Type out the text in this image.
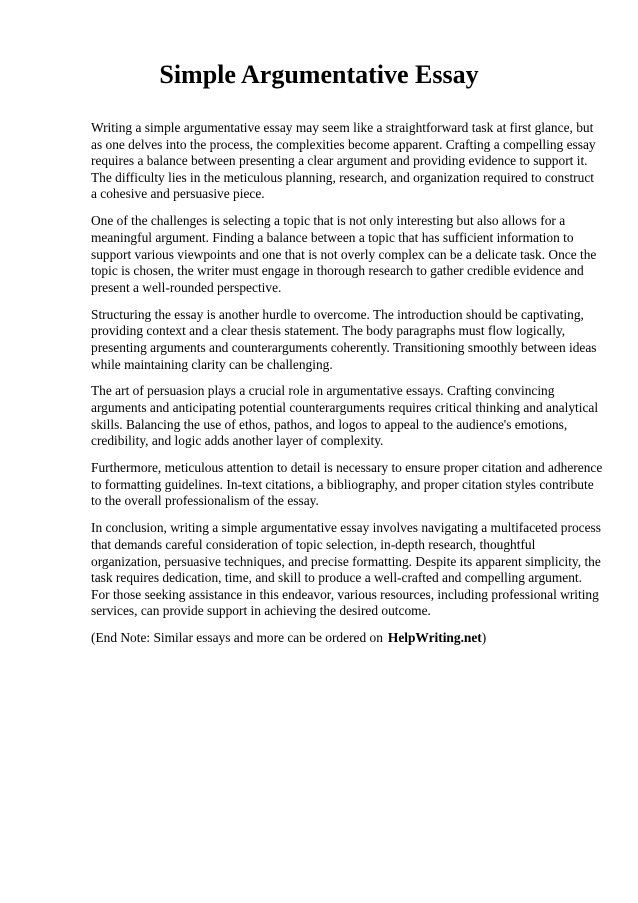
Simple Argumentative Essay

Writing a simple argumentative essay may seem like a straightforward task at first glance, but as one delves into the process, the complexities become apparent. Crafting a compelling essay requires a balance between presenting a clear argument and providing evidence to support it. The difficulty lies in the meticulous planning, research, and organization required to construct a cohesive and persuasive piece.

One of the challenges is selecting a topic that is not only interesting but also allows for a meaningful argument. Finding a balance between a topic that has sufficient information to support various viewpoints and one that is not overly complex can be a delicate task. Once the topic is chosen, the writer must engage in thorough research to gather credible evidence and present a well-rounded perspective.

Structuring the essay is another hurdle to overcome. The introduction should be captivating, providing context and a clear thesis statement. The body paragraphs must flow logically, presenting arguments and counterarguments coherently. Transitioning smoothly between ideas while maintaining clarity can be challenging.

The art of persuasion plays a crucial role in argumentative essays. Crafting convincing arguments and anticipating potential counterarguments requires critical thinking and analytical skills. Balancing the use of ethos, pathos, and logos to appeal to the audience's emotions, credibility, and logic adds another layer of complexity.

Furthermore, meticulous attention to detail is necessary to ensure proper citation and adherence to formatting guidelines. In-text citations, a bibliography, and proper citation styles contribute to the overall professionalism of the essay.

In conclusion, writing a simple argumentative essay involves navigating a multifaceted process that demands careful consideration of topic selection, in-depth research, thoughtful organization, persuasive techniques, and precise formatting. Despite its apparent simplicity, the task requires dedication, time, and skill to produce a well-crafted and compelling argument. For those seeking assistance in this endeavor, various resources, including professional writing services, can provide support in achieving the desired outcome.

(End Note: Similar essays and more can be ordered on HelpWriting.net)
